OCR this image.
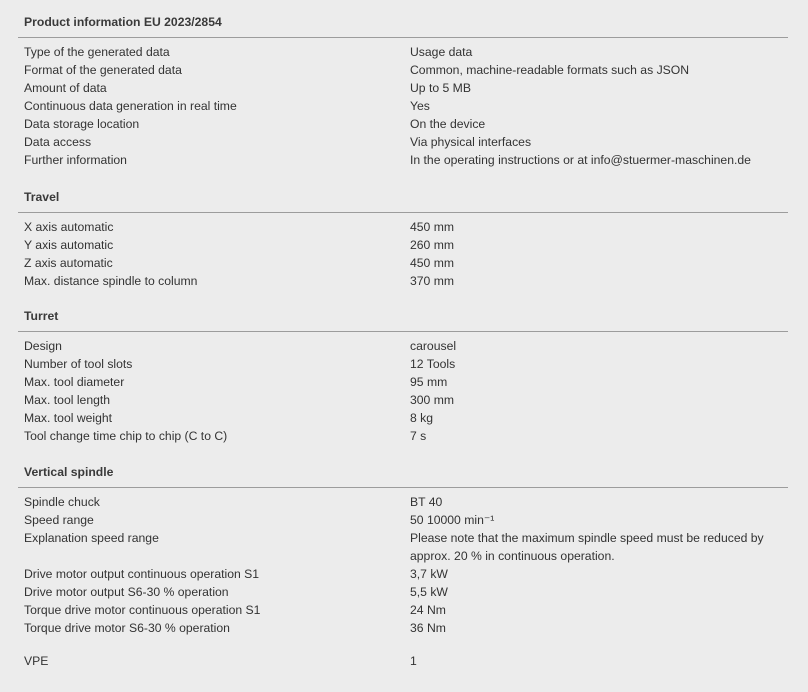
Product information EU 2023/2854
Type of the generated data	Usage data
Format of the generated data	Common, machine-readable formats such as JSON
Amount of data	Up to 5 MB
Continuous data generation in real time	Yes
Data storage location	On the device
Data access	Via physical interfaces
Further information	In the operating instructions or at info@stuermer-maschinen.de
Travel
X axis automatic	450 mm
Y axis automatic	260 mm
Z axis automatic	450 mm
Max. distance spindle to column	370 mm
Turret
Design	carousel
Number of tool slots	12 Tools
Max. tool diameter	95 mm
Max. tool length	300 mm
Max. tool weight	8 kg
Tool change time chip to chip (C to C)	7 s
Vertical spindle
Spindle chuck	BT 40
Speed range	50 10000 min⁻¹
Explanation speed range	Please note that the maximum spindle speed must be reduced by approx. 20 % in continuous operation.
Drive motor output continuous operation S1	3,7 kW
Drive motor output S6-30 % operation	5,5 kW
Torque drive motor continuous operation S1	24 Nm
Torque drive motor S6-30 % operation	36 Nm
VPE	1
